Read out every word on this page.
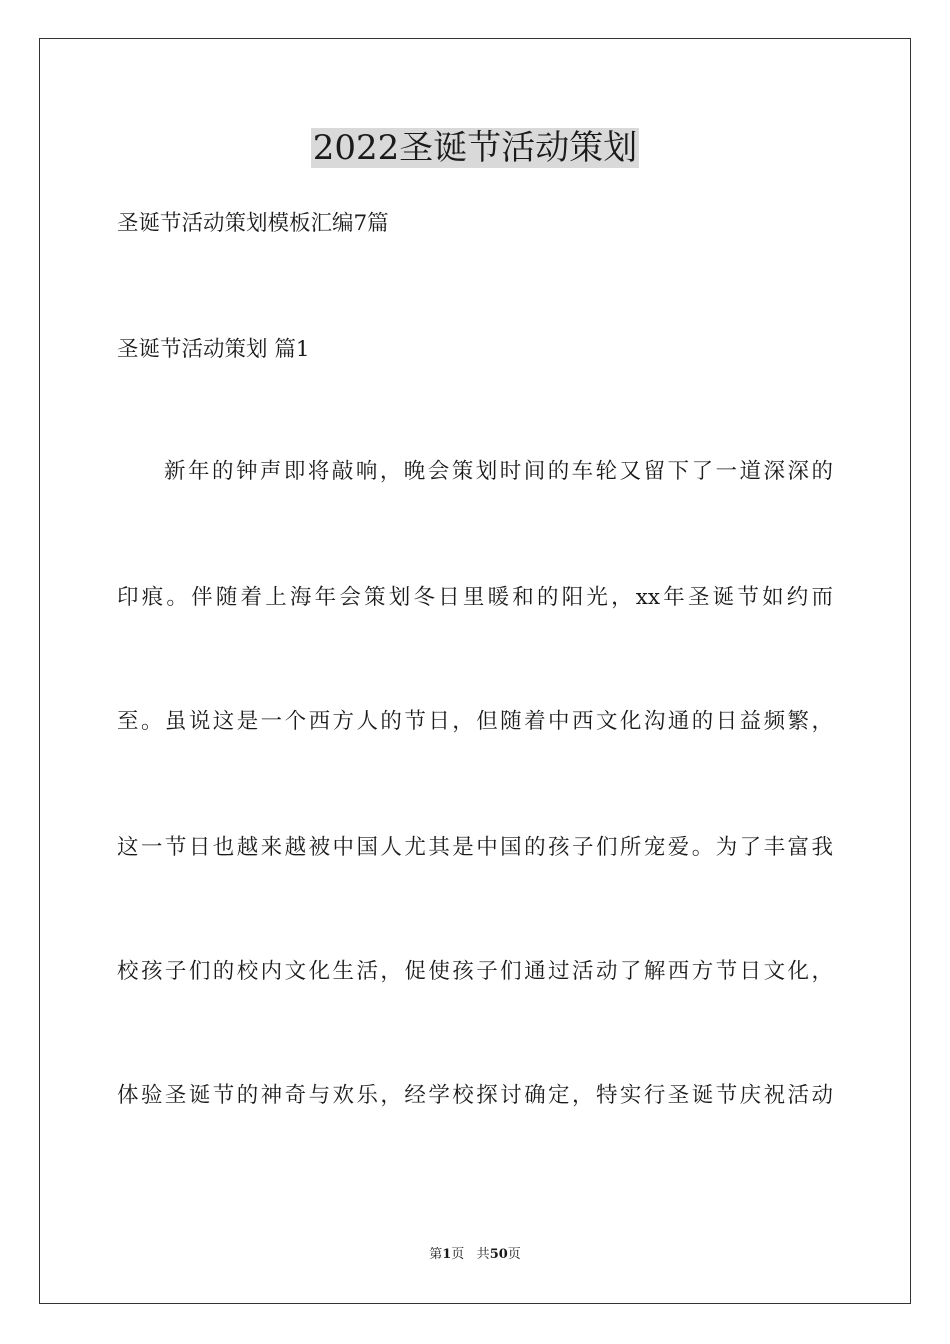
2022圣诞节活动策划

圣诞节活动策划模板汇编7篇

圣诞节活动策划 篇1

新年的钟声即将敲响，晚会策划时间的车轮又留下了一道深深的

印痕。伴随着上海年会策划冬日里暖和的阳光，xx年圣诞节如约而

至。虽说这是一个西方人的节日，但随着中西文化沟通的日益频繁，

这一节日也越来越被中国人尤其是中国的孩子们所宠爱。为了丰富我

校孩子们的校内文化生活，促使孩子们通过活动了解西方节日文化，

体验圣诞节的神奇与欢乐，经学校探讨确定，特实行圣诞节庆祝活动

第1页 共50页
